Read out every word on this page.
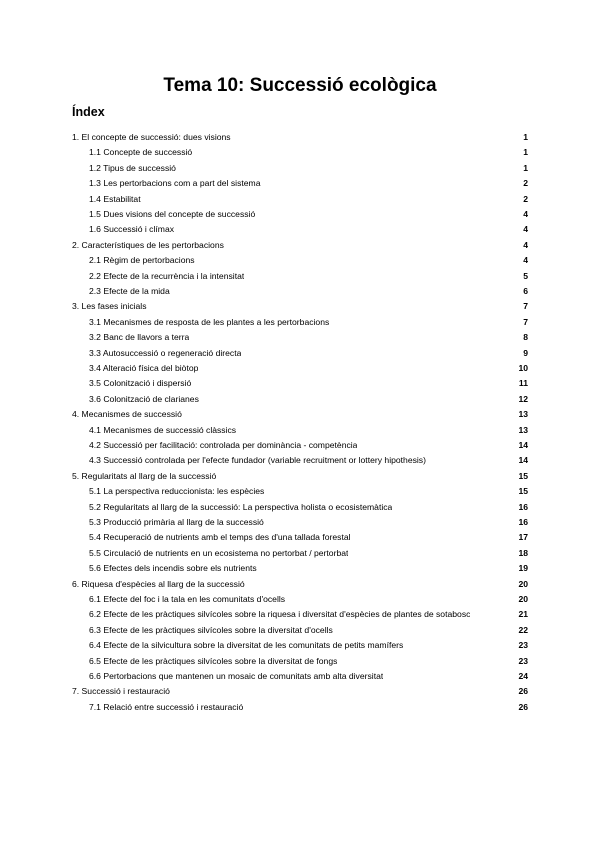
Tema 10: Successió ecològica
Índex
1. El concepte de successió: dues visions	1
1.1 Concepte de successió	1
1.2 Tipus de successió	1
1.3 Les pertorbacions com a part del sistema	2
1.4 Estabilitat	2
1.5 Dues visions del concepte de successió	4
1.6 Successió i clímax	4
2. Característiques de les pertorbacions	4
2.1 Règim de pertorbacions	4
2.2 Efecte de la recurrència i la intensitat	5
2.3 Efecte de la mida	6
3. Les fases inicials	7
3.1 Mecanismes de resposta de les plantes a les pertorbacions	7
3.2 Banc de llavors a terra	8
3.3 Autosuccessió o regeneració directa	9
3.4 Alteració física del biòtop	10
3.5 Colonització i dispersió	11
3.6 Colonització de clarianes	12
4. Mecanismes de successió	13
4.1 Mecanismes de successió clàssics	13
4.2 Successió per facilitació: controlada per dominància - competència	14
4.3 Successió controlada per l'efecte fundador (variable recruitment or lottery hipothesis)	14
5. Regularitats al llarg de la successió	15
5.1 La perspectiva reduccionista: les espècies	15
5.2 Regularitats al llarg de la successió: La perspectiva holista o ecosistemàtica	16
5.3 Producció primària al llarg de la successió	16
5.4 Recuperació de nutrients amb el temps des d'una tallada forestal	17
5.5 Circulació de nutrients en un ecosistema no pertorbat / pertorbat	18
5.6 Efectes dels incendis sobre els nutrients	19
6. Riquesa d'espècies al llarg de la successió	20
6.1 Efecte del foc i la tala en les comunitats d'ocells	20
6.2 Efecte de les pràctiques silvícoles sobre la riquesa i diversitat d'espècies de plantes de sotabosc	21
6.3 Efecte de les pràctiques silvícoles sobre la diversitat d'ocells	22
6.4 Efecte de la silvicultura sobre la diversitat de les comunitats de petits mamífers	23
6.5 Efecte de les pràctiques silvícoles sobre la diversitat de fongs	23
6.6 Pertorbacions que mantenen un mosaic de comunitats amb alta diversitat	24
7. Successió i restauració	26
7.1 Relació entre successió i restauració	26
